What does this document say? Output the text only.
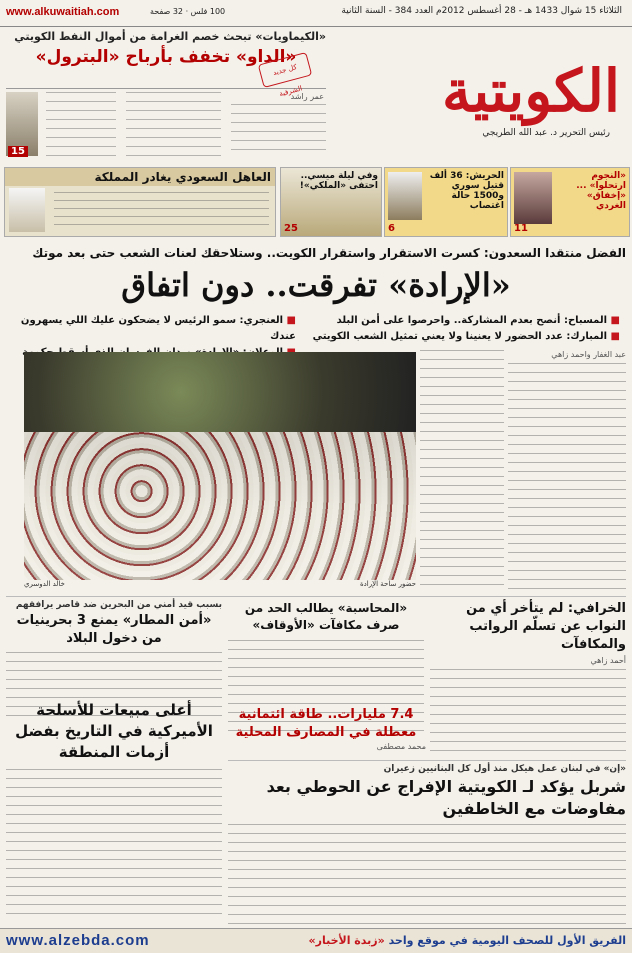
www.alkuwaitiah.com	100 فلس · 32 صفحة	الثلاثاء 15 شوال 1433 هـ - 28 أغسطس 2012م العدد 384 - السنة الثانية
«الكيماويات» تبحث خصم الغرامة من أموال النفط الكويتي
«الداو» تخفف بأرباح «البترول»
عمر راشد
15
الكويتية
رئيس التحرير د. عبد الله الطريجي
كل جديد الشرقية
العاهل السعودي يغادر المملكة	وفي ليلة ميسي.. احتفى «الملكي»!
25
الحريش: 36 ألف قتيل سوري و1500 حالة اغتصاب
6
«النجوم ارتحلوا» ... «إخفاق» الغردي
11
الفضل منتقدا السعدون: كسرت الاستقرار واستقرار الكويت.. وستلاحقك لعنات الشعب حتى بعد موتك
«الإرادة» تفرقت.. دون اتفاق
■ المسباح: أنصح بعدم المشاركة.. واحرصوا على أمن البلد
■ المبارك: عدد الحضور لا يعنينا ولا يعني تمثيل الشعب الكويتي
■ العنجري: سمو الرئيس لا يضحكون عليك اللي يسهرون عندك
عبد الغفار واحمد زاهي
خالد الدوسري	حضور ساحة الإرادة
الخرافي: لم يتأخر أي من النواب عن تسلّم الرواتب والمكافآت
أحمد زاهي
«المحاسبة» يطالب الحد من صرف مكافآت «الأوقاف»
بسبب قيد أمني من البحرين ضد قاصر يرافقهم
«أمن المطار» يمنع 3 بحرينيات من دخول البلاد
«إن» في لبنان عمل هيكل منذ أول كل البنانيين زعيران
شربل يؤكد لـ الكويتية الإفراج عن الحوطي بعد مفاوضات مع الخاطفين
7.4 مليارات.. طاقة ائتمانية معطلة في المصارف المحلية
محمد مصطفى
أعلى مبيعات للأسلحة الأميركية في التاريخ بفضل أزمات المنطقة
www.alzebda.com	الفريق الأول للصحف اليومية في موقع واحد «زبدة الأخبار»
